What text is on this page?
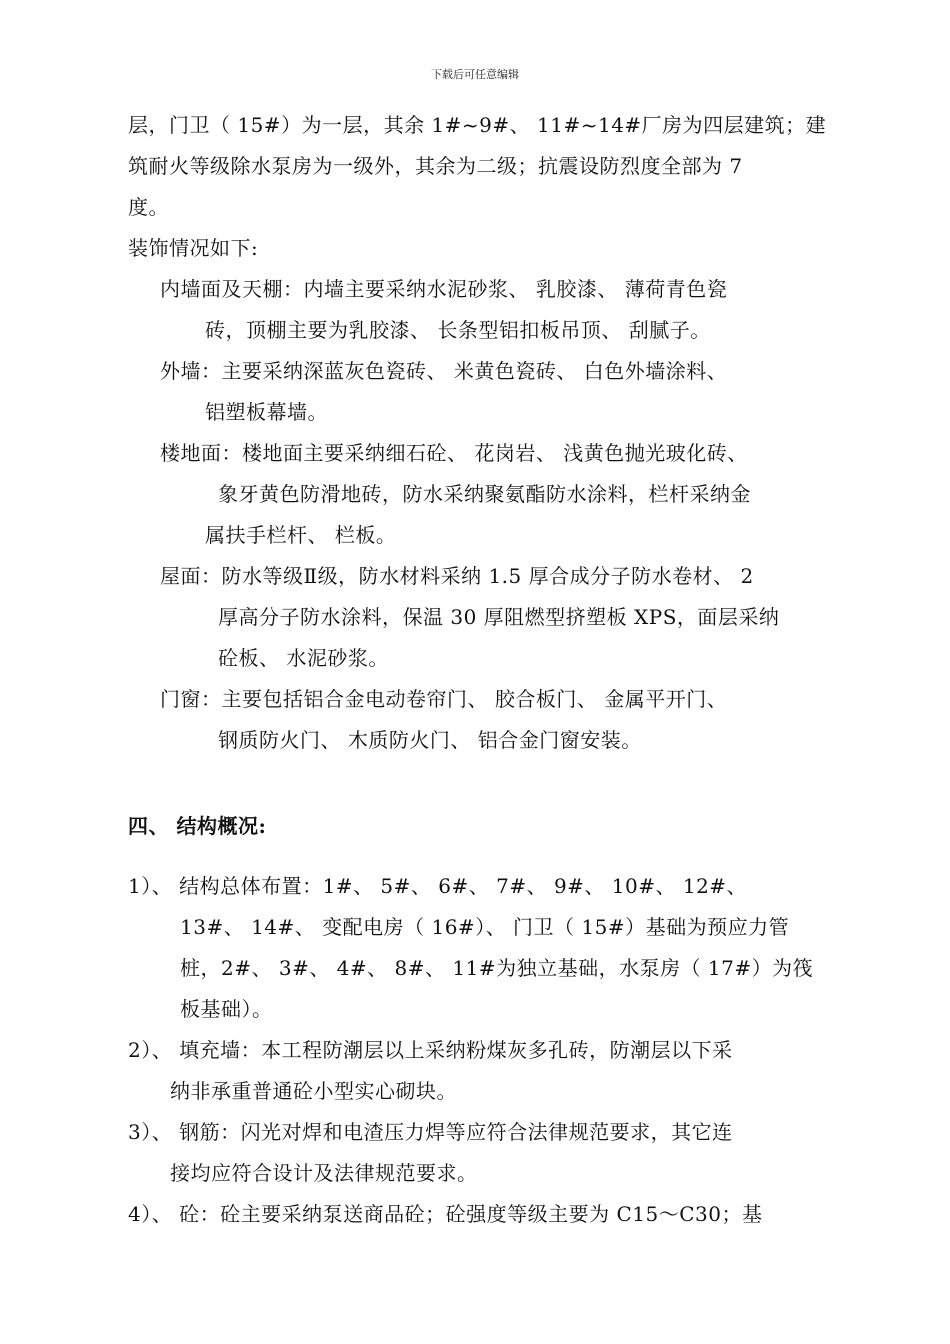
下载后可任意编辑
层，门卫（ 15#）为一层，其余 1#~9#、 11#~14#厂房为四层建筑；建
筑耐火等级除水泵房为一级外，其余为二级；抗震设防烈度全部为 7
度。
装饰情况如下:
内墙面及天棚：内墙主要采纳水泥砂浆、 乳胶漆、 薄荷青色瓷
砖，顶棚主要为乳胶漆、 长条型铝扣板吊顶、 刮腻子。
外墙：主要采纳深蓝灰色瓷砖、 米黄色瓷砖、 白色外墙涂料、
铝塑板幕墙。
楼地面：楼地面主要采纳细石砼、 花岗岩、 浅黄色抛光玻化砖、
象牙黄色防滑地砖，防水采纳聚氨酯防水涂料，栏杆采纳金
属扶手栏杆、 栏板。
屋面：防水等级Ⅱ级，防水材料采纳 1.5 厚合成分子防水卷材、 2
厚高分子防水涂料，保温 30 厚阻燃型挤塑板 XPS，面层采纳
砼板、 水泥砂浆。
门窗：主要包括铝合金电动卷帘门、 胶合板门、 金属平开门、
钢质防火门、 木质防火门、 铝合金门窗安装。
四、 结构概况:
1）、 结构总体布置：1#、 5#、 6#、 7#、 9#、 10#、 12#、
13#、 14#、 变配电房（ 16#）、 门卫（ 15#）基础为预应力管
桩，2#、 3#、 4#、 8#、 11#为独立基础，水泵房（ 17#）为筏
板基础）。
2）、 填充墙：本工程防潮层以上采纳粉煤灰多孔砖，防潮层以下采
纳非承重普通砼小型实心砌块。
3）、 钢筋：闪光对焊和电渣压力焊等应符合法律规范要求，其它连
接均应符合设计及法律规范要求。
4）、 砼：砼主要采纳泵送商品砼；砼强度等级主要为 C15～C30；基
